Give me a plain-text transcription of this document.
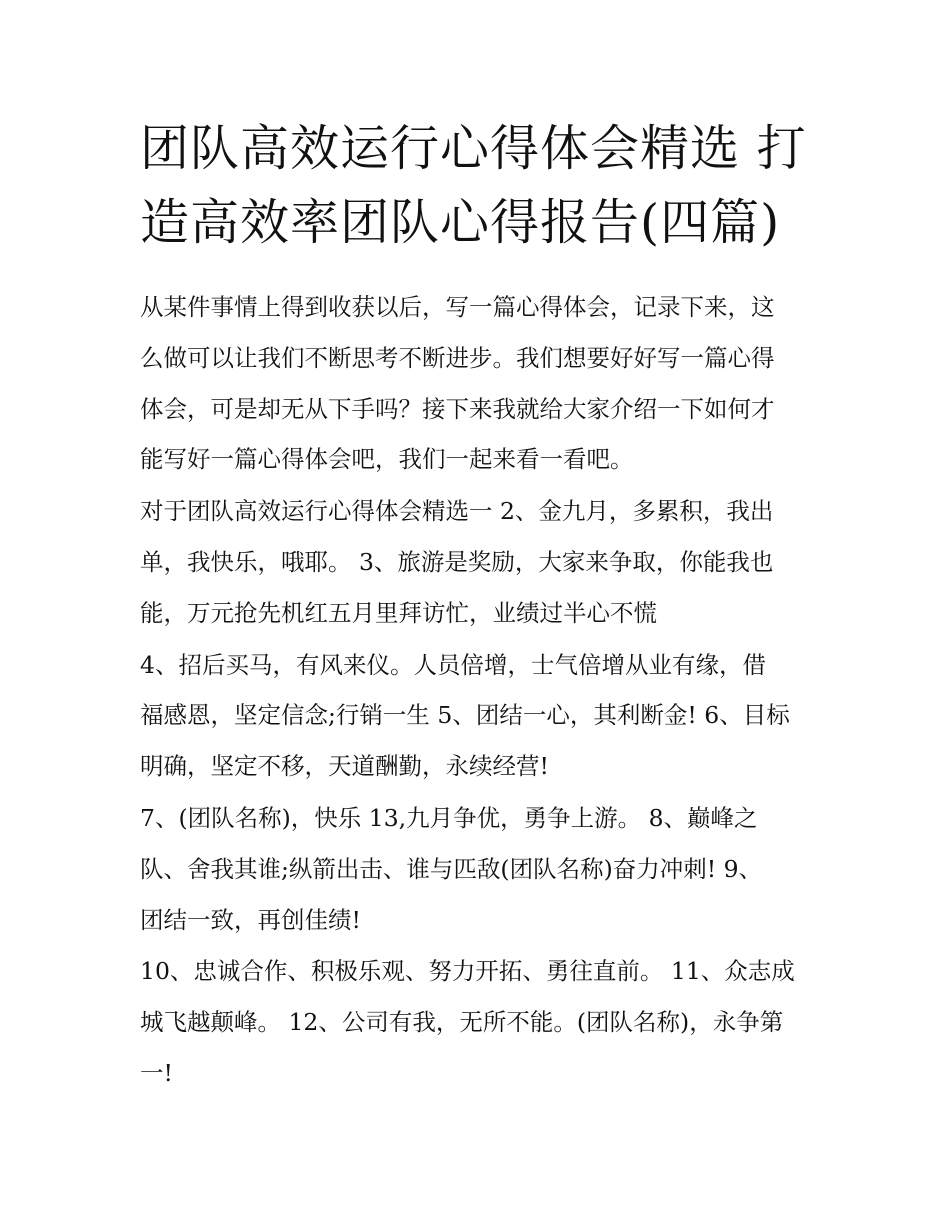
团队高效运行心得体会精选 打
造高效率团队心得报告(四篇)

从某件事情上得到收获以后，写一篇心得体会，记录下来，这
么做可以让我们不断思考不断进步。我们想要好好写一篇心得
体会，可是却无从下手吗？接下来我就给大家介绍一下如何才
能写好一篇心得体会吧，我们一起来看一看吧。

对于团队高效运行心得体会精选一 2、金九月，多累积，我出
单，我快乐，哦耶。 3、旅游是奖励，大家来争取，你能我也
能，万元抢先机红五月里拜访忙，业绩过半心不慌

4、招后买马，有风来仪。人员倍增，士气倍增从业有缘，借
福感恩，坚定信念;行销一生 5、团结一心，其利断金! 6、目标
明确，坚定不移，天道酬勤，永续经营!

7、(团队名称)，快乐 13,九月争优，勇争上游。 8、巅峰之
队、舍我其谁;纵箭出击、谁与匹敌(团队名称)奋力冲刺! 9、
团结一致，再创佳绩!

10、忠诚合作、积极乐观、努力开拓、勇往直前。 11、众志成
城飞越颠峰。 12、公司有我，无所不能。(团队名称)，永争第
一!
